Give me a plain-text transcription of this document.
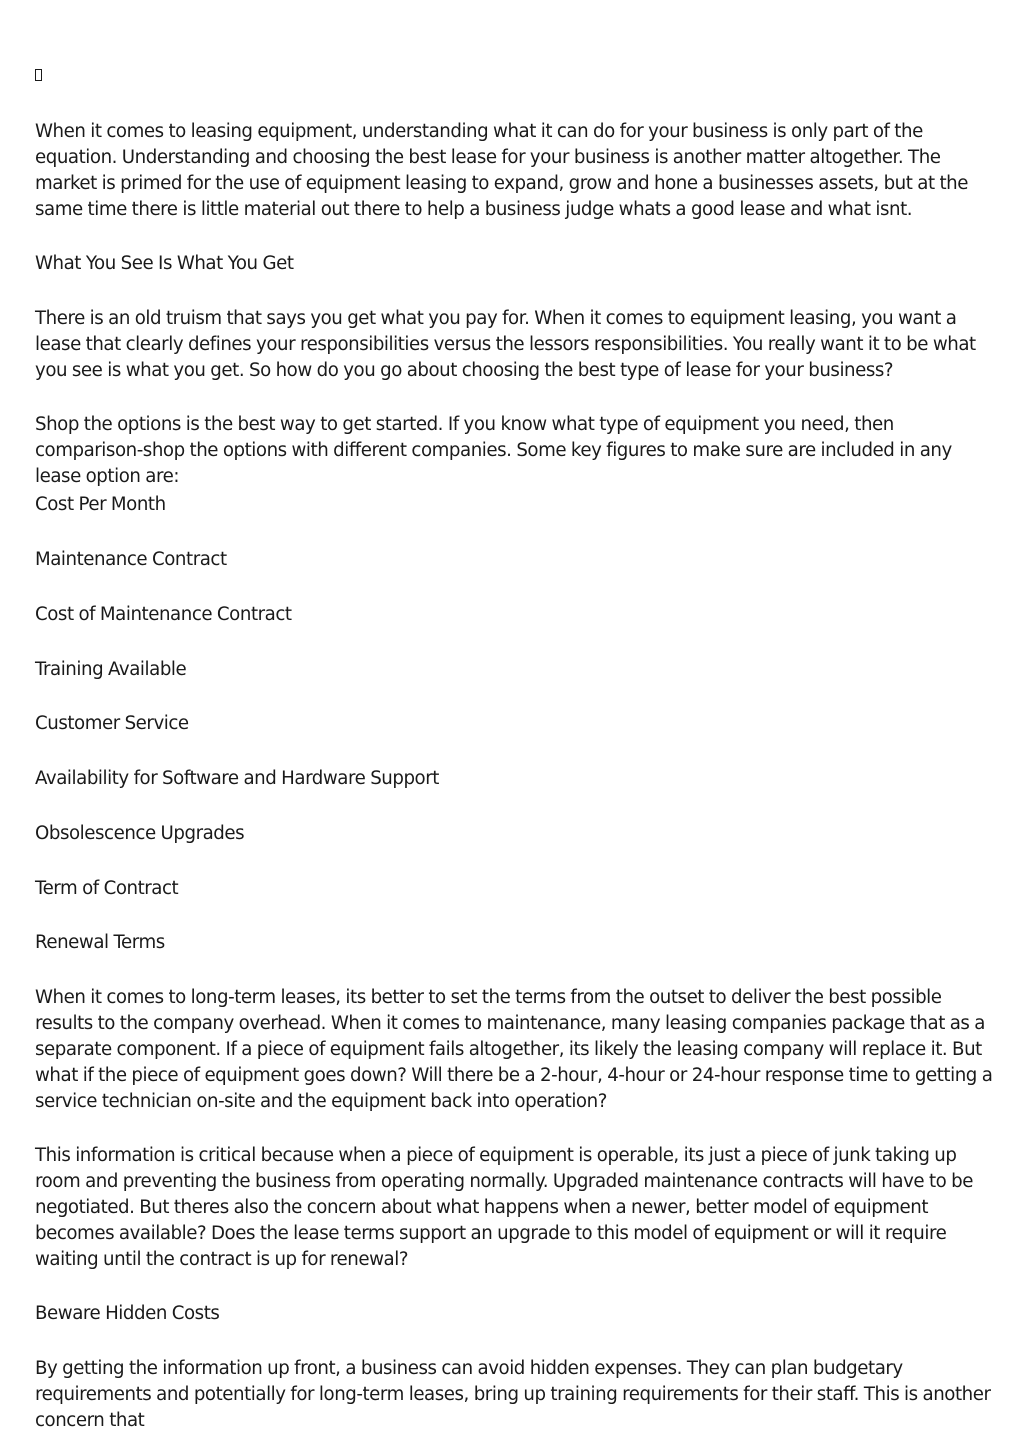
When it comes to leasing equipment, understanding what it can do for your business is only part of the equation. Understanding and choosing the best lease for your business is another matter altogether. The market is primed for the use of equipment leasing to expand, grow and hone a businesses assets, but at the same time there is little material out there to help a business judge whats a good lease and what isnt.

What You See Is What You Get

There is an old truism that says you get what you pay for. When it comes to equipment leasing, you want a lease that clearly defines your responsibilities versus the lessors responsibilities. You really want it to be what you see is what you get. So how do you go about choosing the best type of lease for your business?

Shop the options is the best way to get started. If you know what type of equipment you need, then comparison-shop the options with different companies. Some key figures to make sure are included in any lease option are:

Cost Per Month

Maintenance Contract

Cost of Maintenance Contract

Training Available

Customer Service

Availability for Software and Hardware Support

Obsolescence Upgrades

Term of Contract

Renewal Terms

When it comes to long-term leases, its better to set the terms from the outset to deliver the best possible results to the company overhead. When it comes to maintenance, many leasing companies package that as a separate component. If a piece of equipment fails altogether, its likely the leasing company will replace it. But what if the piece of equipment goes down? Will there be a 2-hour, 4-hour or 24-hour response time to getting a service technician on-site and the equipment back into operation?

This information is critical because when a piece of equipment is operable, its just a piece of junk taking up room and preventing the business from operating normally. Upgraded maintenance contracts will have to be negotiated. But theres also the concern about what happens when a newer, better model of equipment becomes available? Does the lease terms support an upgrade to this model of equipment or will it require waiting until the contract is up for renewal?

Beware Hidden Costs

By getting the information up front, a business can avoid hidden expenses. They can plan budgetary requirements and potentially for long-term leases, bring up training requirements for their staff. This is another concern that
